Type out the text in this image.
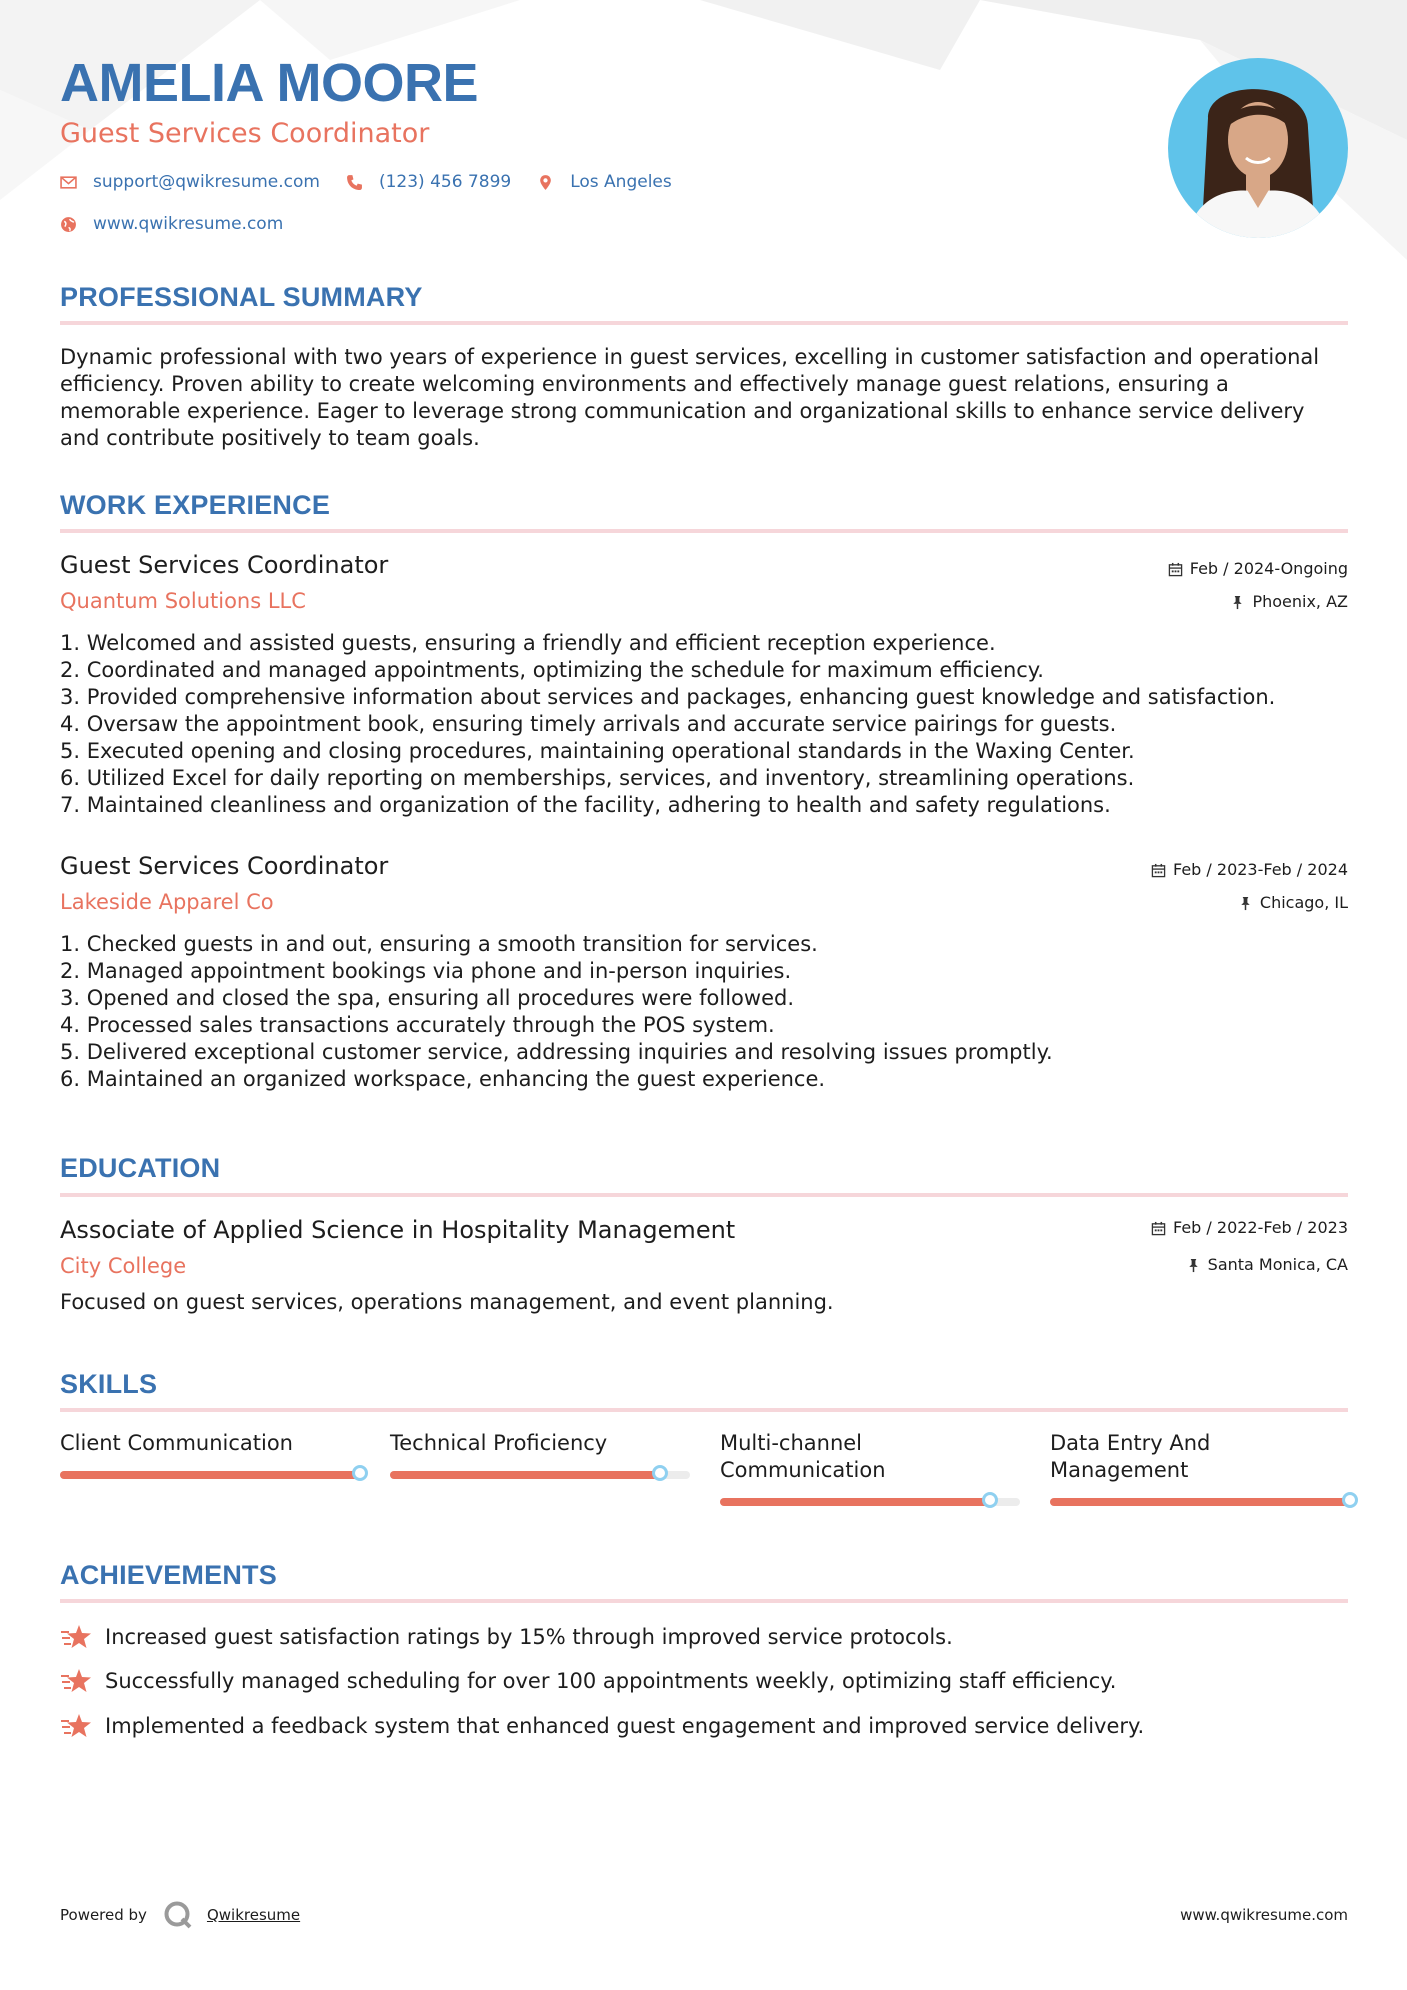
AMELIA MOORE
Guest Services Coordinator
support@qwikresume.com	(123) 456 7899	Los Angeles
www.qwikresume.com
PROFESSIONAL SUMMARY

Dynamic professional with two years of experience in guest services, excelling in customer satisfaction and operational efficiency. Proven ability to create welcoming environments and effectively manage guest relations, ensuring a memorable experience. Eager to leverage strong communication and organizational skills to enhance service delivery and contribute positively to team goals.

WORK EXPERIENCE
Guest Services Coordinator
Quantum Solutions LLC
Feb / 2024-Ongoing
Phoenix, AZ
1. Welcomed and assisted guests, ensuring a friendly and efficient reception experience.
2. Coordinated and managed appointments, optimizing the schedule for maximum efficiency.
3. Provided comprehensive information about services and packages, enhancing guest knowledge and satisfaction.
4. Oversaw the appointment book, ensuring timely arrivals and accurate service pairings for guests.
5. Executed opening and closing procedures, maintaining operational standards in the Waxing Center.
6. Utilized Excel for daily reporting on memberships, services, and inventory, streamlining operations.
7. Maintained cleanliness and organization of the facility, adhering to health and safety regulations.
Guest Services Coordinator
Lakeside Apparel Co
Feb / 2023-Feb / 2024
Chicago, IL
1. Checked guests in and out, ensuring a smooth transition for services.
2. Managed appointment bookings via phone and in-person inquiries.
3. Opened and closed the spa, ensuring all procedures were followed.
4. Processed sales transactions accurately through the POS system.
5. Delivered exceptional customer service, addressing inquiries and resolving issues promptly.
6. Maintained an organized workspace, enhancing the guest experience.
EDUCATION
Associate of Applied Science in Hospitality Management
City College
Feb / 2022-Feb / 2023
Santa Monica, CA

Focused on guest services, operations management, and event planning.

SKILLS

Client Communication	Technical Proficiency	Multi-channel Communication

Data Entry And Management

ACHIEVEMENTS
Increased guest satisfaction ratings by 15% through improved service protocols.
Successfully managed scheduling for over 100 appointments weekly, optimizing staff efficiency.
Implemented a feedback system that enhanced guest engagement and improved service delivery.
Powered by	Qwikresume	www.qwikresume.com
